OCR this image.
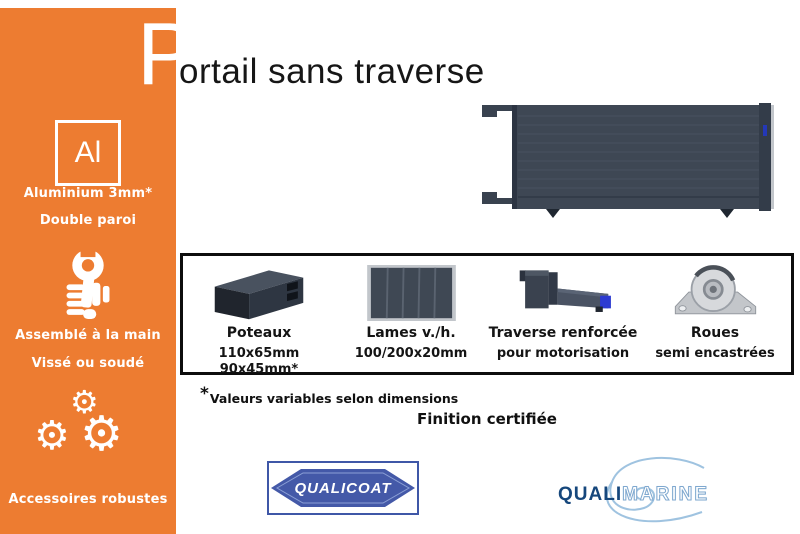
Al
Aluminium 3mm*
Double paroi
Assemblé à la main
Vissé ou soudé
⚙
⚙ ⚙
Accessoires robustes
P
ortail sans traverse
Poteaux
110x65mm 90x45mm*
Lames v./h.
100/200x20mm
Traverse renforcée
pour motorisation
Roues
semi encastrées
*Valeurs variables selon dimensions
Finition certifiée
QUALICOAT	QUALI MARINE
